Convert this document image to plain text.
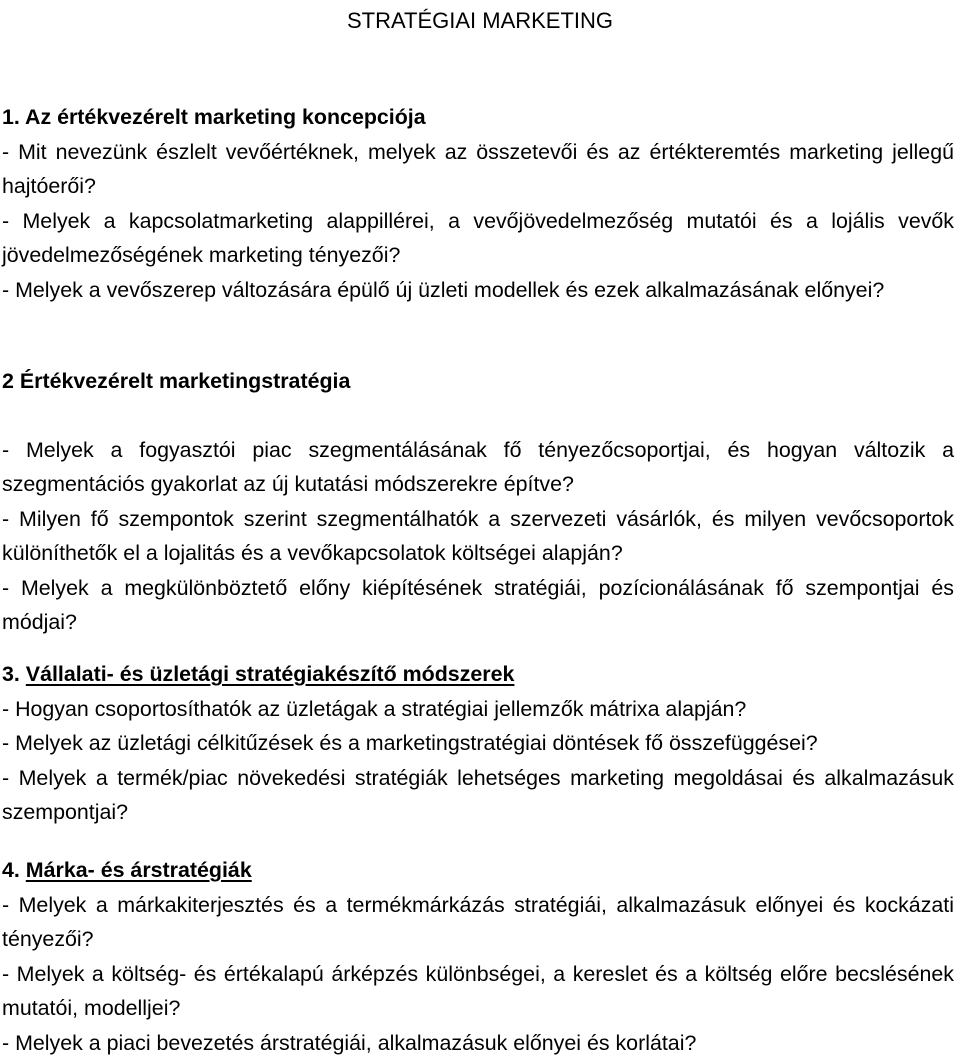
STRATÉGIAI MARKETING
1. Az értékvezérelt marketing koncepciója
- Mit nevezünk észlelt vevőértéknek, melyek az összetevői és az értékteremtés marketing jellegű hajtóerői?
- Melyek a kapcsolatmarketing alappillérei, a vevőjövedelmezőség mutatói és a lojális vevők jövedelmezőségének marketing tényezői?
- Melyek a vevőszerep változására épülő új üzleti modellek és ezek alkalmazásának előnyei?
2 Értékvezérelt marketingstratégia
- Melyek a fogyasztói piac szegmentálásának fő tényezőcsoportjai, és hogyan változik a szegmentációs gyakorlat az új kutatási módszerekre építve?
- Milyen fő szempontok szerint szegmentálhatók a szervezeti vásárlók, és milyen vevőcsoportok különíthetők el a lojalitás és a vevőkapcsolatok költségei alapján?
- Melyek a megkülönböztető előny kiépítésének stratégiái, pozícionálásának fő szempontjai és módjai?
3. Vállalati- és üzletági stratégiakészítő módszerek
- Hogyan csoportosíthatók az üzletágak a stratégiai jellemzők mátrixa alapján?
- Melyek az üzletági célkitűzések és a marketingstratégiai döntések fő összefüggései?
- Melyek a termék/piac növekedési stratégiák lehetséges marketing megoldásai és alkalmazásuk szempontjai?
4. Márka- és árstratégiák
- Melyek a márkakiterjesztés és a termékmárkázás stratégiái, alkalmazásuk előnyei és kockázati tényezői?
- Melyek a költség- és értékalapú árképzés különbségei, a kereslet és a költség előre becslésének mutatói, modelljei?
- Melyek a piaci bevezetés árstratégiái, alkalmazásuk előnyei és korlátai?
